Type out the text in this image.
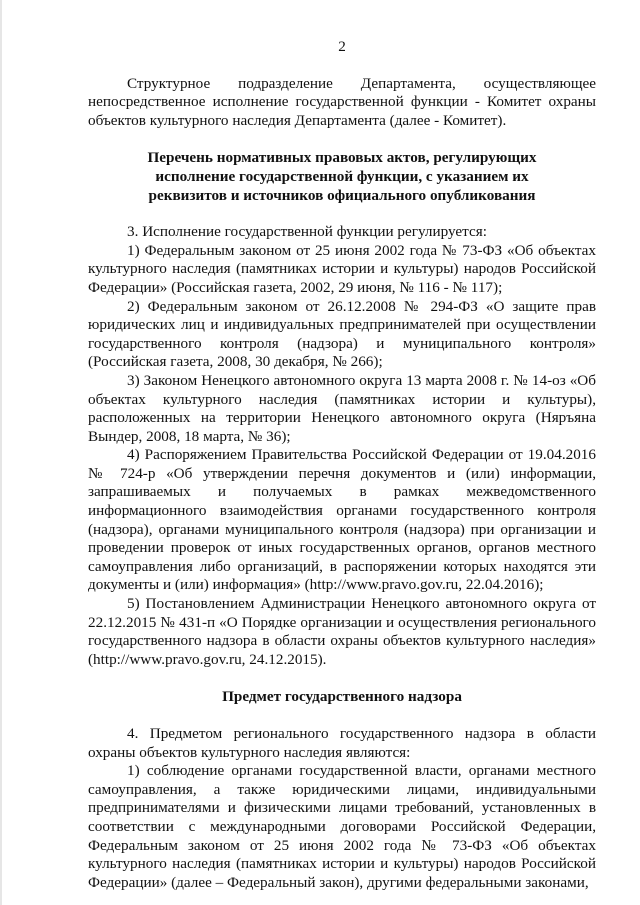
2

Структурное подразделение Департамента, осуществляющее непосредственное исполнение государственной функции - Комитет охраны объектов культурного наследия Департамента (далее - Комитет).

Перечень нормативных правовых актов, регулирующих
исполнение государственной функции, с указанием их
реквизитов и источников официального опубликования

3. Исполнение государственной функции регулируется:

1) Федеральным законом от 25 июня 2002 года № 73-ФЗ «Об объектах культурного наследия (памятниках истории и культуры) народов Российской Федерации» (Российская газета, 2002, 29 июня, № 116 - № 117);

2) Федеральным законом от 26.12.2008 № 294-ФЗ «О защите прав юридических лиц и индивидуальных предпринимателей при осуществлении государственного контроля (надзора) и муниципального контроля» (Российская газета, 2008, 30 декабря, № 266);

3) Законом Ненецкого автономного округа 13 марта 2008 г. № 14-оз «Об объектах культурного наследия (памятниках истории и культуры), расположенных на территории Ненецкого автономного округа (Няръяна Вындер, 2008, 18 марта, № 36);

4) Распоряжением Правительства Российской Федерации от 19.04.2016 № 724-р «Об утверждении перечня документов и (или) информации, запрашиваемых и получаемых в рамках межведомственного информационного взаимодействия органами государственного контроля (надзора), органами муниципального контроля (надзора) при организации и проведении проверок от иных государственных органов, органов местного самоуправления либо организаций, в распоряжении которых находятся эти документы и (или) информация» (http://www.pravo.gov.ru, 22.04.2016);

5) Постановлением Администрации Ненецкого автономного округа от 22.12.2015 № 431-п «О Порядке организации и осуществления регионального государственного надзора в области охраны объектов культурного наследия» (http://www.pravo.gov.ru, 24.12.2015).

Предмет государственного надзора

4. Предметом регионального государственного надзора в области охраны объектов культурного наследия являются:

1) соблюдение органами государственной власти, органами местного самоуправления, а также юридическими лицами, индивидуальными предпринимателями и физическими лицами требований, установленных в соответствии с международными договорами Российской Федерации, Федеральным законом от 25 июня 2002 года № 73-ФЗ «Об объектах культурного наследия (памятниках истории и культуры) народов Российской Федерации» (далее – Федеральный закон), другими федеральными законами,
